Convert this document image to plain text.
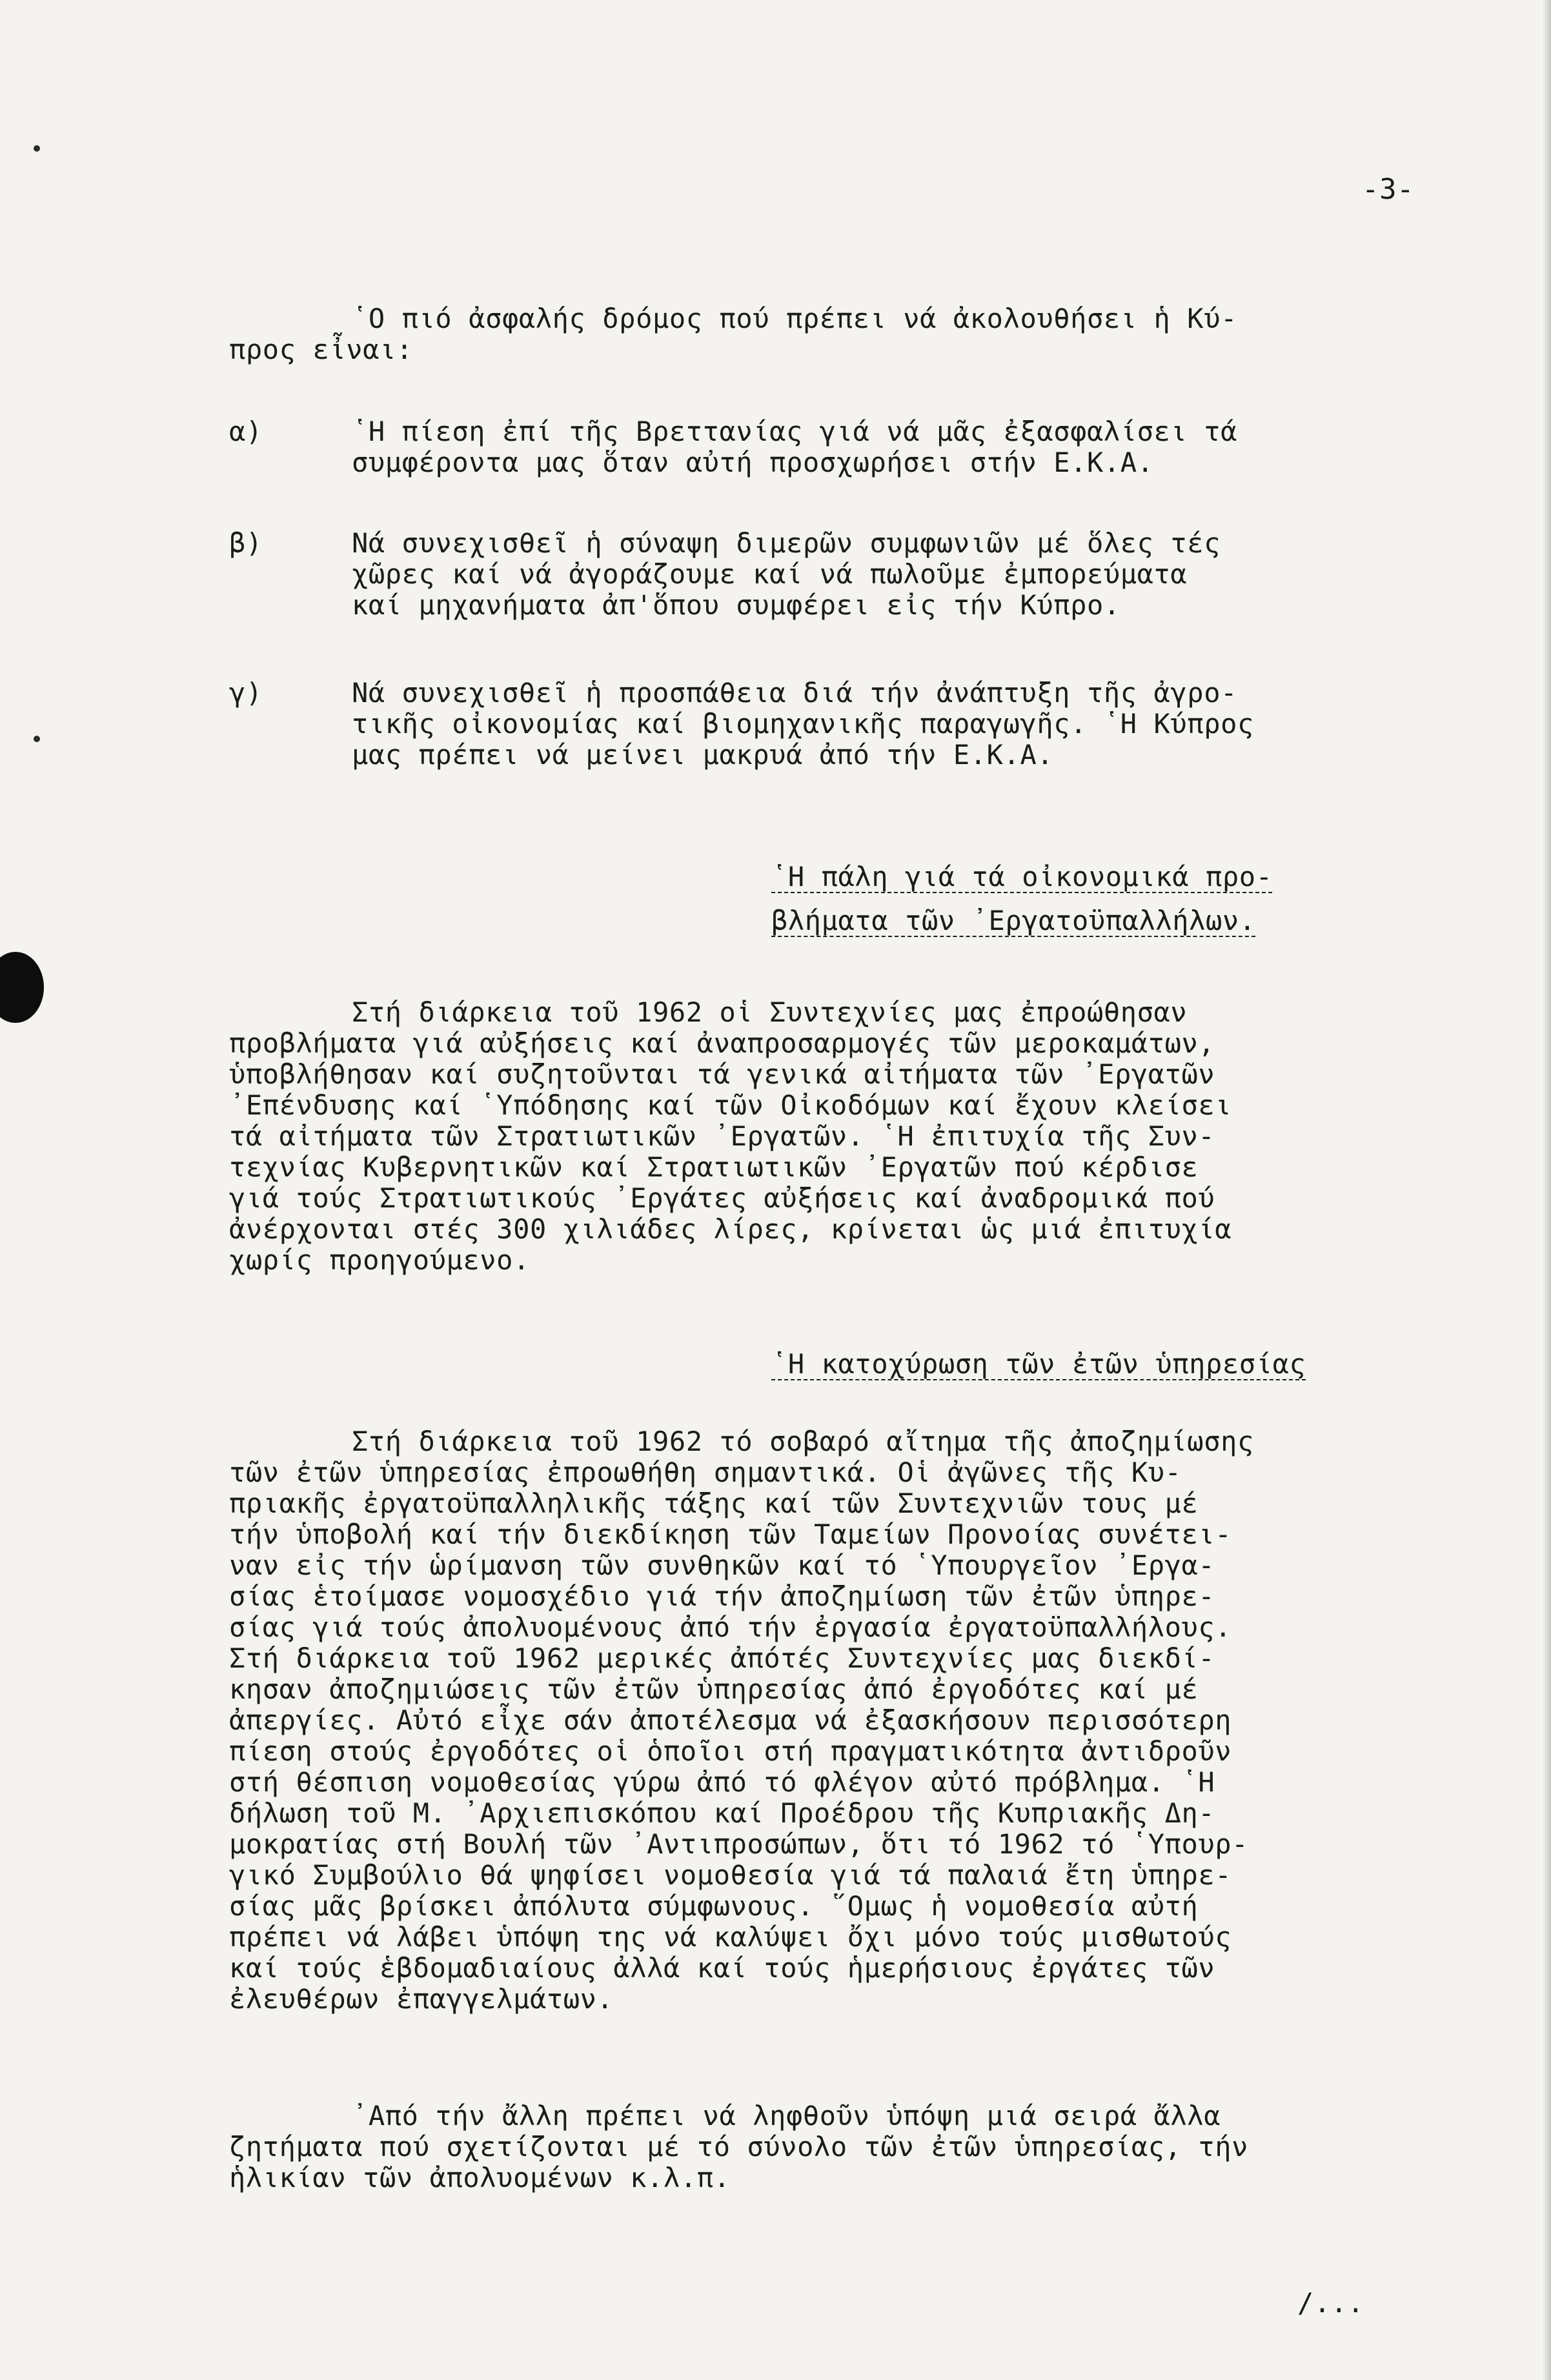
-3-
῾Ο πιό ἀσφαλής δρόμος πού πρέπει νά ἀκολουθήσει ἡ Κύ-
προς εἶναι:
α)	῾Η πίεση ἐπί τῆς Βρεττανίας γιά νά μᾶς ἐξασφαλίσει τά
συμφέροντα μας ὅταν αὐτή προσχωρήσει στήν Ε.Κ.Α.
β)	Νά συνεχισθεῖ ἡ σύναψη διμερῶν συμφωνιῶν μέ ὅλες τές
χῶρες καί νά ἀγοράζουμε καί νά πωλοῦμε ἐμπορεύματα
καί μηχανήματα ἀπ'ὅπου συμφέρει εἰς τήν Κύπρο.
γ)	Νά συνεχισθεῖ ἡ προσπάθεια διά τήν ἀνάπτυξη τῆς ἀγρο-
τικῆς οἰκονομίας καί βιομηχανικῆς παραγωγῆς. ῾Η Κύπρος
μας πρέπει νά μείνει μακρυά ἀπό τήν Ε.Κ.Α.
῾Η πάλη γιά τά οἰκονομικά προ-
βλήματα τῶν ᾿Εργατοϋπαλλήλων.
Στή διάρκεια τοῦ 1962 οἱ Συντεχνίες μας ἐπροώθησαν
προβλήματα γιά αὐξήσεις καί ἀναπροσαρμογές τῶν μεροκαμάτων,
ὑποβλήθησαν καί συζητοῦνται τά γενικά αἰτήματα τῶν ᾿Εργατῶν
᾿Επένδυσης καί ῾Υπόδησης καί τῶν Οἰκοδόμων καί ἔχουν κλείσει
τά αἰτήματα τῶν Στρατιωτικῶν ᾿Εργατῶν. ῾Η ἐπιτυχία τῆς Συν-
τεχνίας Κυβερνητικῶν καί Στρατιωτικῶν ᾿Εργατῶν πού κέρδισε
γιά τούς Στρατιωτικούς ᾿Εργάτες αὐξήσεις καί ἀναδρομικά πού
ἀνέρχονται στές 300 χιλιάδες λίρες, κρίνεται ὡς μιά ἐπιτυχία
χωρίς προηγούμενο.
῾Η κατοχύρωση τῶν ἐτῶν ὑπηρεσίας
Στή διάρκεια τοῦ 1962 τό σοβαρό αἴτημα τῆς ἀποζημίωσης
τῶν ἐτῶν ὑπηρεσίας ἐπροωθήθη σημαντικά. Οἱ ἀγῶνες τῆς Κυ-
πριακῆς ἐργατοϋπαλληλικῆς τάξης καί τῶν Συντεχνιῶν τους μέ
τήν ὑποβολή καί τήν διεκδίκηση τῶν Ταμείων Προνοίας συνέτει-
ναν εἰς τήν ὡρίμανση τῶν συνθηκῶν καί τό ῾Υπουργεῖον ᾿Εργα-
σίας ἑτοίμασε νομοσχέδιο γιά τήν ἀποζημίωση τῶν ἐτῶν ὑπηρε-
σίας γιά τούς ἀπολυομένους ἀπό τήν ἐργασία ἐργατοϋπαλλήλους.
Στή διάρκεια τοῦ 1962 μερικές ἀπότές Συντεχνίες μας διεκδί-
κησαν ἀποζημιώσεις τῶν ἐτῶν ὑπηρεσίας ἀπό ἐργοδότες καί μέ
ἀπεργίες. Αὐτό εἶχε σάν ἀποτέλεσμα νά ἐξασκήσουν περισσότερη
πίεση στούς ἐργοδότες οἱ ὁποῖοι στή πραγματικότητα ἀντιδροῦν
στή θέσπιση νομοθεσίας γύρω ἀπό τό φλέγον αὐτό πρόβλημα. ῾Η
δήλωση τοῦ Μ. ᾿Αρχιεπισκόπου καί Προέδρου τῆς Κυπριακῆς Δη-
μοκρατίας στή Βουλή τῶν ᾿Αντιπροσώπων, ὅτι τό 1962 τό ῾Υπουρ-
γικό Συμβούλιο θά ψηφίσει νομοθεσία γιά τά παλαιά ἔτη ὑπηρε-
σίας μᾶς βρίσκει ἀπόλυτα σύμφωνους. ῞Ομως ἡ νομοθεσία αὐτή
πρέπει νά λάβει ὑπόψη της νά καλύψει ὄχι μόνο τούς μισθωτούς
καί τούς ἑβδομαδιαίους ἀλλά καί τούς ἡμερήσιους ἐργάτες τῶν
ἐλευθέρων ἐπαγγελμάτων.
᾿Από τήν ἄλλη πρέπει νά ληφθοῦν ὑπόψη μιά σειρά ἄλλα
ζητήματα πού σχετίζονται μέ τό σύνολο τῶν ἐτῶν ὑπηρεσίας, τήν
ἡλικίαν τῶν ἀπολυομένων κ.λ.π.
/...
